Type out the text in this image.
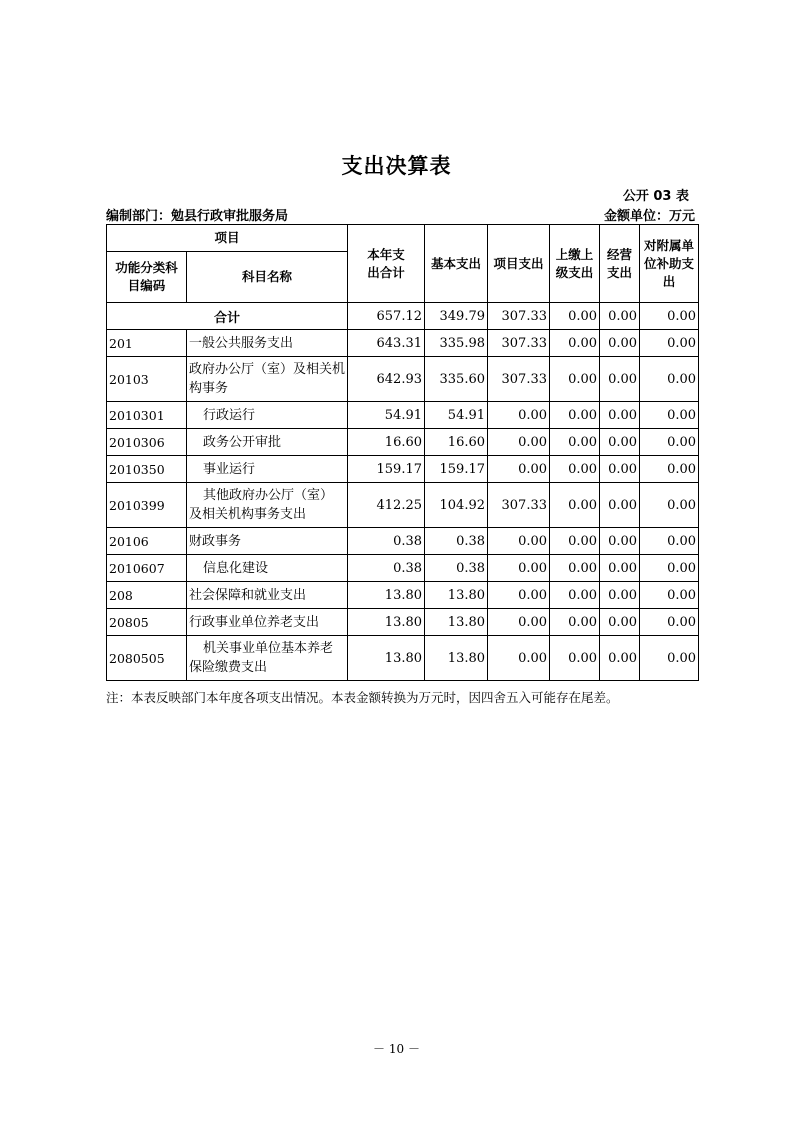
支出决算表
公开 03 表
编制部门：勉县行政审批服务局	金额单位：万元
项目		本年支出合计	基本支出	项目支出	上缴上级支出	经营支出	对附属单位补助支出

功能分类科目编码	科目名称						
合计		657.12	349.79	307.33	0.00	0.00	0.00
201	一般公共服务支出	643.31	335.98	307.33	0.00	0.00	0.00
20103	政府办公厅（室）及相关机构事务	642.93	335.60	307.33	0.00	0.00	0.00
2010301	行政运行	54.91	54.91	0.00	0.00	0.00	0.00
2010306	政务公开审批	16.60	16.60	0.00	0.00	0.00	0.00
2010350	事业运行	159.17	159.17	0.00	0.00	0.00	0.00
2010399	其他政府办公厅（室）及相关机构事务支出	412.25	104.92	307.33	0.00	0.00	0.00
20106	财政事务	0.38	0.38	0.00	0.00	0.00	0.00
2010607	信息化建设	0.38	0.38	0.00	0.00	0.00	0.00
208	社会保障和就业支出	13.80	13.80	0.00	0.00	0.00	0.00
20805	行政事业单位养老支出	13.80	13.80	0.00	0.00	0.00	0.00
2080505	机关事业单位基本养老保险缴费支出	13.80	13.80	0.00	0.00	0.00	0.00
注：本表反映部门本年度各项支出情况。本表金额转换为万元时，因四舍五入可能存在尾差。
－ 10 －
